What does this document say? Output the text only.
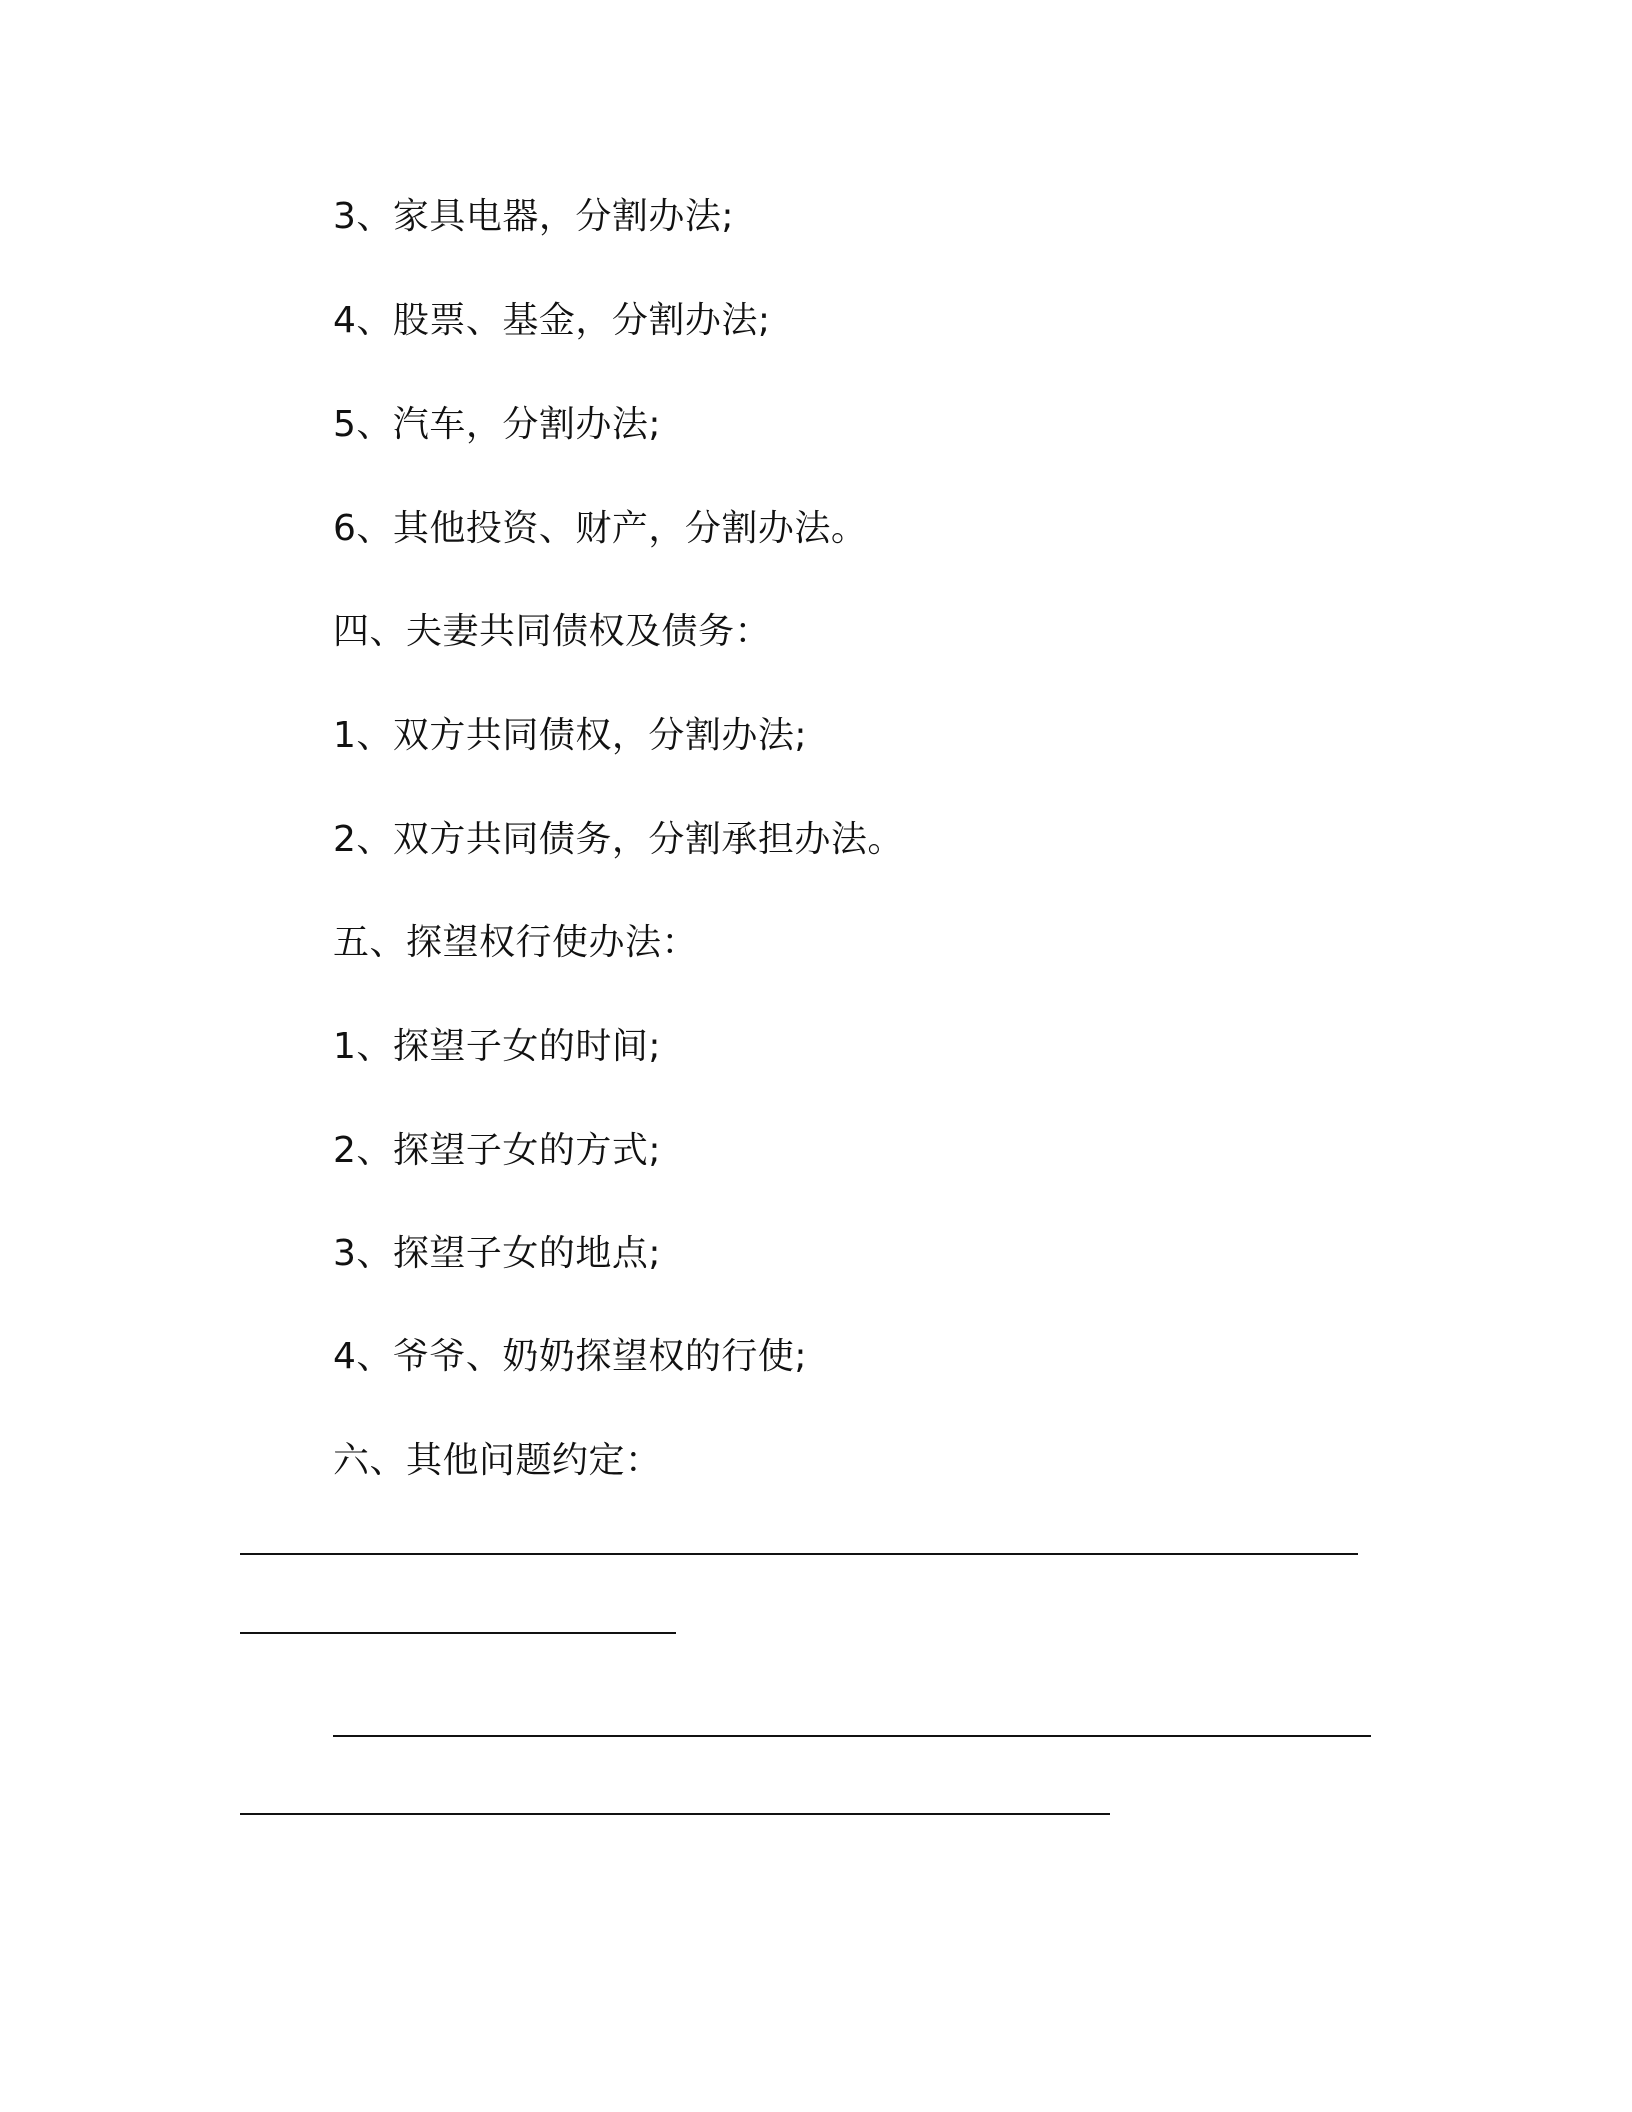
3、家具电器，分割办法;
4、股票、基金，分割办法;
5、汽车，分割办法;
6、其他投资、财产，分割办法。
四、夫妻共同债权及债务：
1、双方共同债权，分割办法;
2、双方共同债务，分割承担办法。
五、探望权行使办法：
1、探望子女的时间;
2、探望子女的方式;
3、探望子女的地点;
4、爷爷、奶奶探望权的行使;
六、其他问题约定：
